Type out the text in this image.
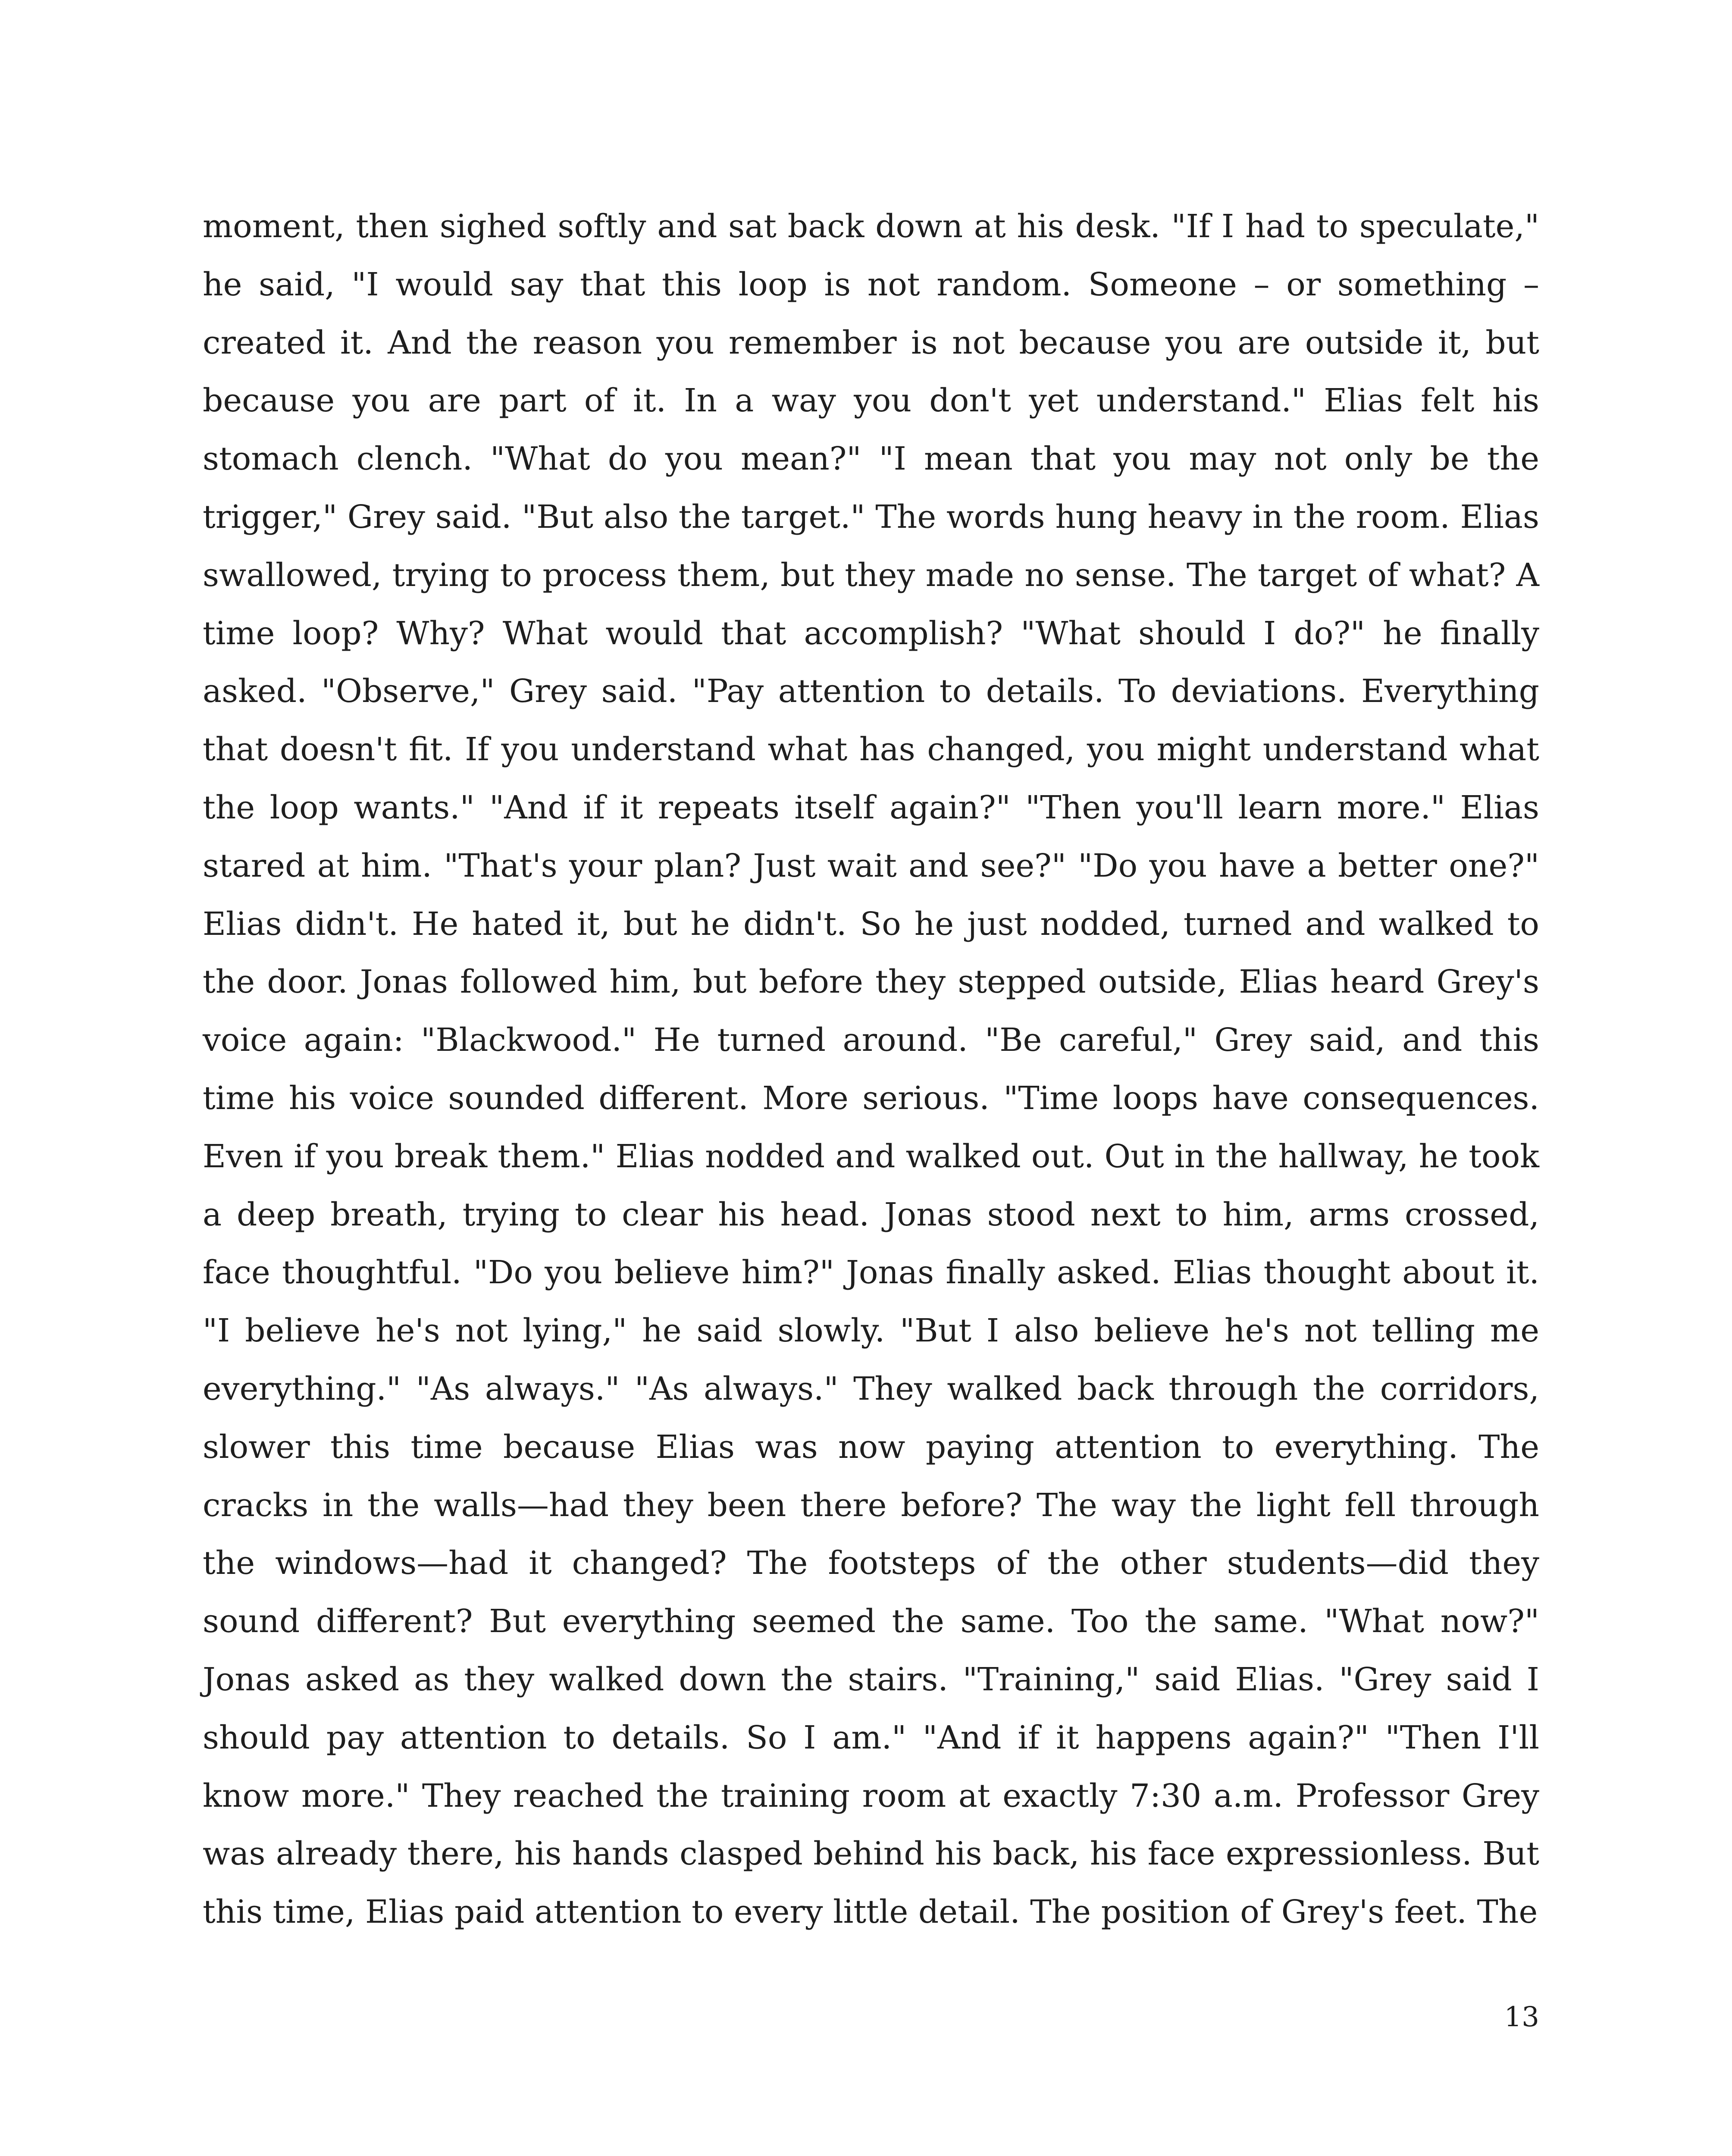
moment, then sighed softly and sat back down at his desk. "If I had to speculate," he said, "I would say that this loop is not random. Someone – or something – created it. And the reason you remember is not because you are outside it, but because you are part of it. In a way you don't yet understand." Elias felt his stomach clench. "What do you mean?" "I mean that you may not only be the trigger," Grey said. "But also the target." The words hung heavy in the room. Elias swallowed, trying to process them, but they made no sense. The target of what? A time loop? Why? What would that accomplish? "What should I do?" he finally asked. "Observe," Grey said. "Pay attention to details. To deviations. Everything that doesn't fit. If you understand what has changed, you might understand what the loop wants." "And if it repeats itself again?" "Then you'll learn more." Elias stared at him. "That's your plan? Just wait and see?" "Do you have a better one?" Elias didn't. He hated it, but he didn't. So he just nodded, turned and walked to the door. Jonas followed him, but before they stepped outside, Elias heard Grey's voice again: "Blackwood." He turned around. "Be careful," Grey said, and this time his voice sounded different. More serious. "Time loops have consequences. Even if you break them." Elias nodded and walked out. Out in the hallway, he took a deep breath, trying to clear his head. Jonas stood next to him, arms crossed, face thoughtful. "Do you believe him?" Jonas finally asked. Elias thought about it. "I believe he's not lying," he said slowly. "But I also believe he's not telling me everything." "As always." "As always." They walked back through the corridors, slower this time because Elias was now paying attention to everything. The cracks in the walls—had they been there before? The way the light fell through the windows—had it changed? The footsteps of the other students—did they sound different? But everything seemed the same. Too the same. "What now?" Jonas asked as they walked down the stairs. "Training," said Elias. "Grey said I should pay attention to details. So I am." "And if it happens again?" "Then I'll know more." They reached the training room at exactly 7:30 a.m. Professor Grey was already there, his hands clasped behind his back, his face expressionless. But this time, Elias paid attention to every little detail. The position of Grey's feet. The

13
